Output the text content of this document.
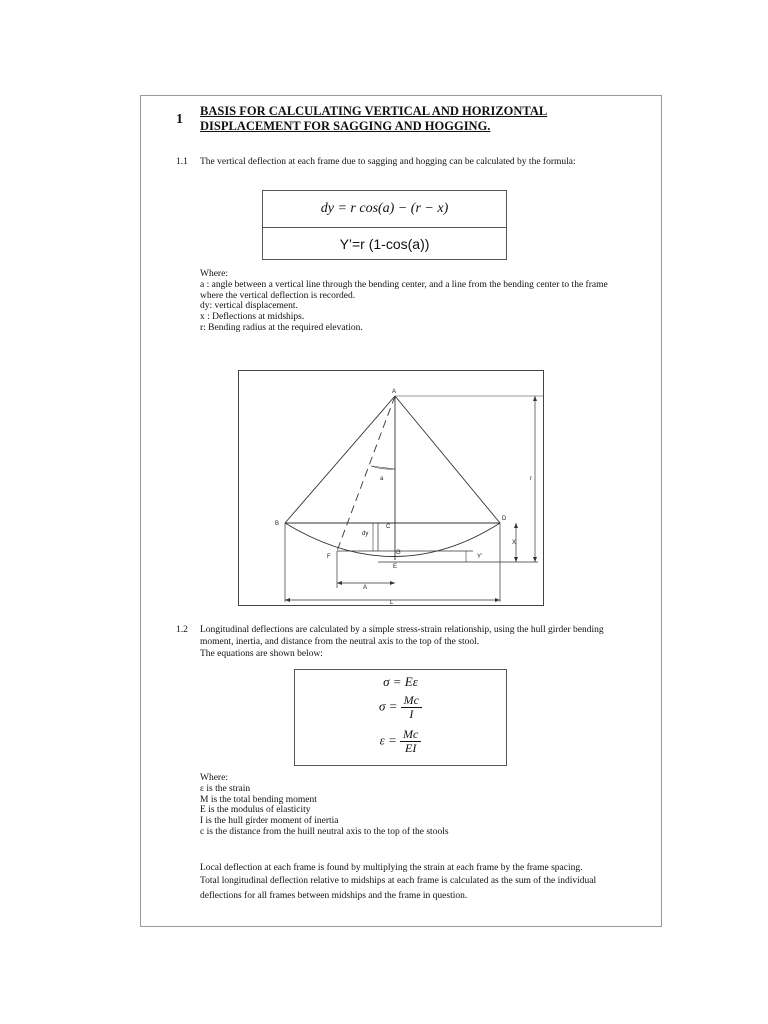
1
BASIS FOR CALCULATING VERTICAL AND HORIZONTAL DISPLACEMENT FOR SAGGING AND HOGGING.
1.1 The vertical deflection at each frame due to sagging and hogging can be calculated by the formula:
dy = r cos(a) − (r − x)
Y’=r (1-cos(a))
Where:
a : angle between a vertical line through the bending center, and a line from the bending center to the frame
where the vertical deflection is recorded.
dy: vertical displacement.
x : Deflections at midships.
r: Bending radius at the required elevation.
A
B	C
D
E
F
G
a	r
dy
X
Y'
A
L
1.2 Longitudinal deflections are calculated by a simple stress-strain relationship, using the hull girder bending
moment, inertia, and distance from the neutral axis to the top of the stool.
The equations are shown below:
σ = Eε
$\sigma = \frac{Mc}{I}$
$\varepsilon = \frac{Mc}{EI}$
Where:
ε is the strain
M is the total bending moment
E is the modulus of elasticity
I is the hull girder moment of inertia
c is the distance from the huill neutral axis to the top of the stools
Local deflection at each frame is found by multiplying the strain at each frame by the frame spacing.
Total longitudinal deflection relative to midships at each frame is calculated as the sum of the individual
deflections for all frames between midships and the frame in question.
